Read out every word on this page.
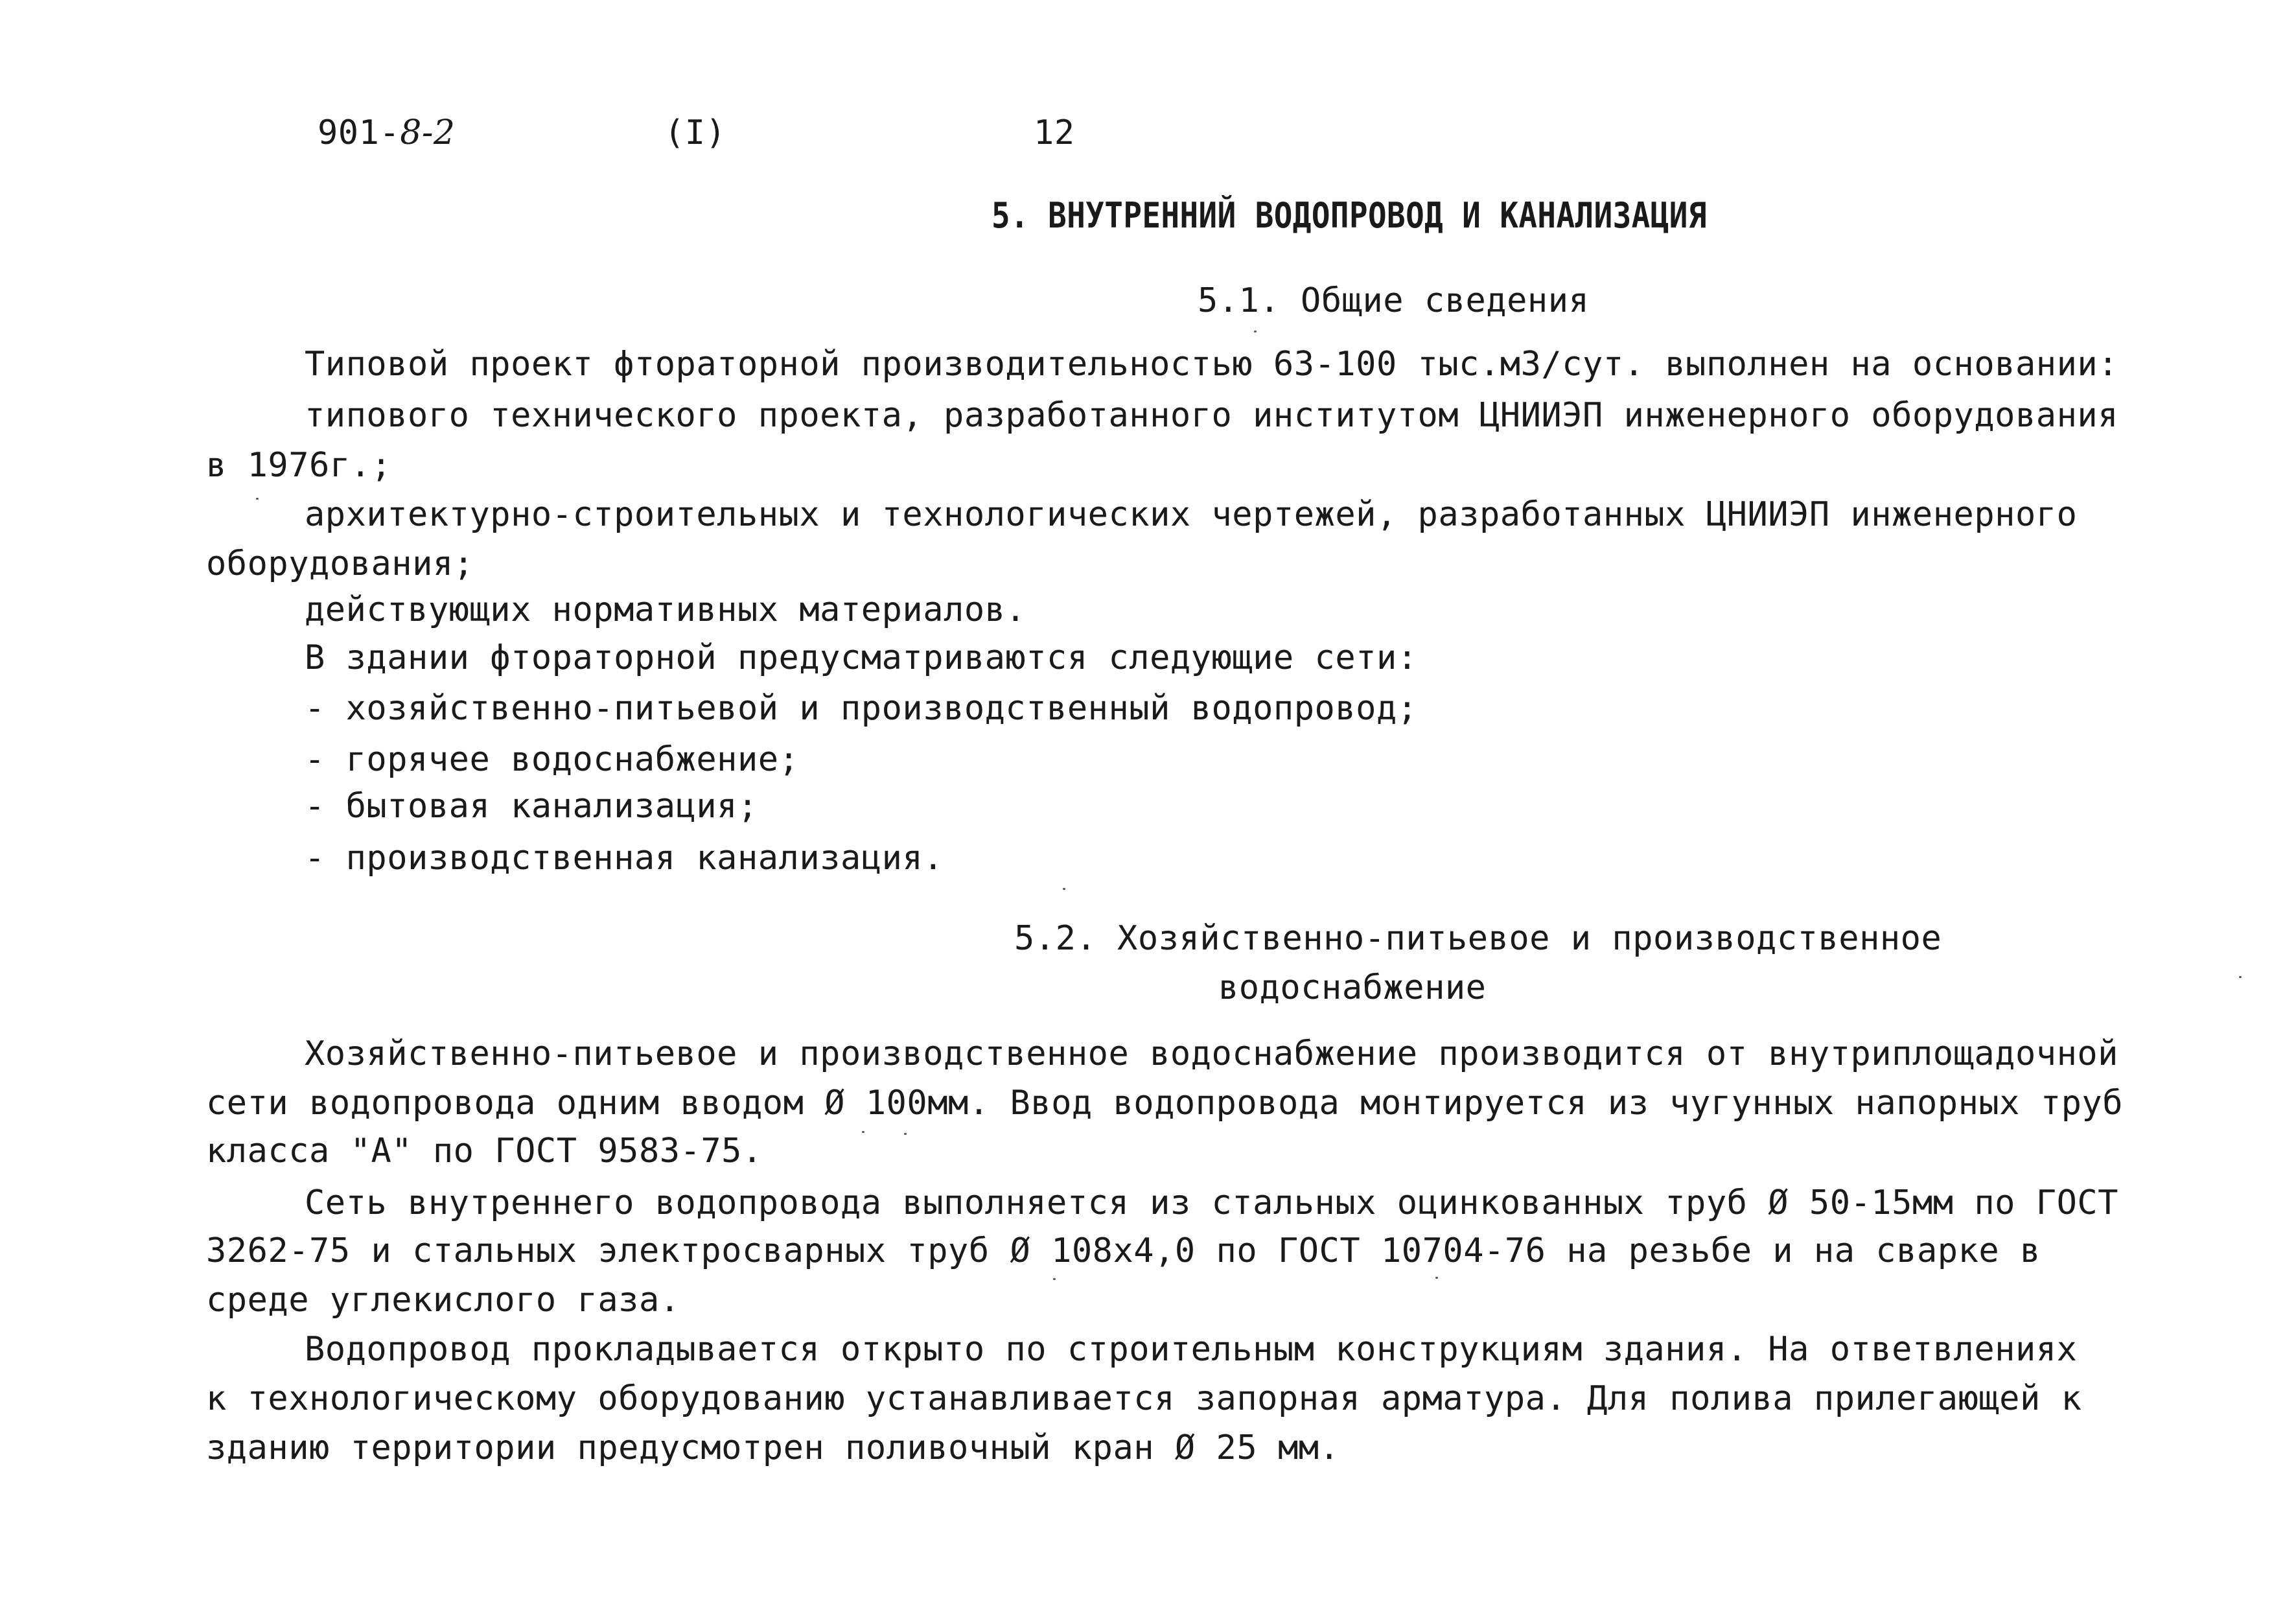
901-8-2	(I)	12
5. ВНУТРЕННИЙ ВОДОПРОВОД И КАНАЛИЗАЦИЯ
5.1. Общие сведения
Типовой проект фтораторной производительностью 63-100 тыс.м3/сут. выполнен на основании:
типового технического проекта, разработанного институтом ЦНИИЭП инженерного оборудования
в 1976г.;
архитектурно-строительных и технологических чертежей, разработанных ЦНИИЭП инженерного
оборудования;
действующих нормативных материалов.
В здании фтораторной предусматриваются следующие сети:
- хозяйственно-питьевой и производственный водопровод;
- горячее водоснабжение;
- бытовая канализация;
- производственная канализация.
5.2. Хозяйственно-питьевое и производственное
водоснабжение
Хозяйственно-питьевое и производственное водоснабжение производится от внутриплощадочной
сети водопровода одним вводом Ø 100мм. Ввод водопровода монтируется из чугунных напорных труб
класса "А" по ГОСТ 9583-75.
Сеть внутреннего водопровода выполняется из стальных оцинкованных труб Ø 50-15мм по ГОСТ
3262-75 и стальных электросварных труб Ø 108x4,0 по ГОСТ 10704-76 на резьбе и на сварке в
среде углекислого газа.
Водопровод прокладывается открыто по строительным конструкциям здания. На ответвлениях
к технологическому оборудованию устанавливается запорная арматура. Для полива прилегающей к
зданию территории предусмотрен поливочный кран Ø 25 мм.
